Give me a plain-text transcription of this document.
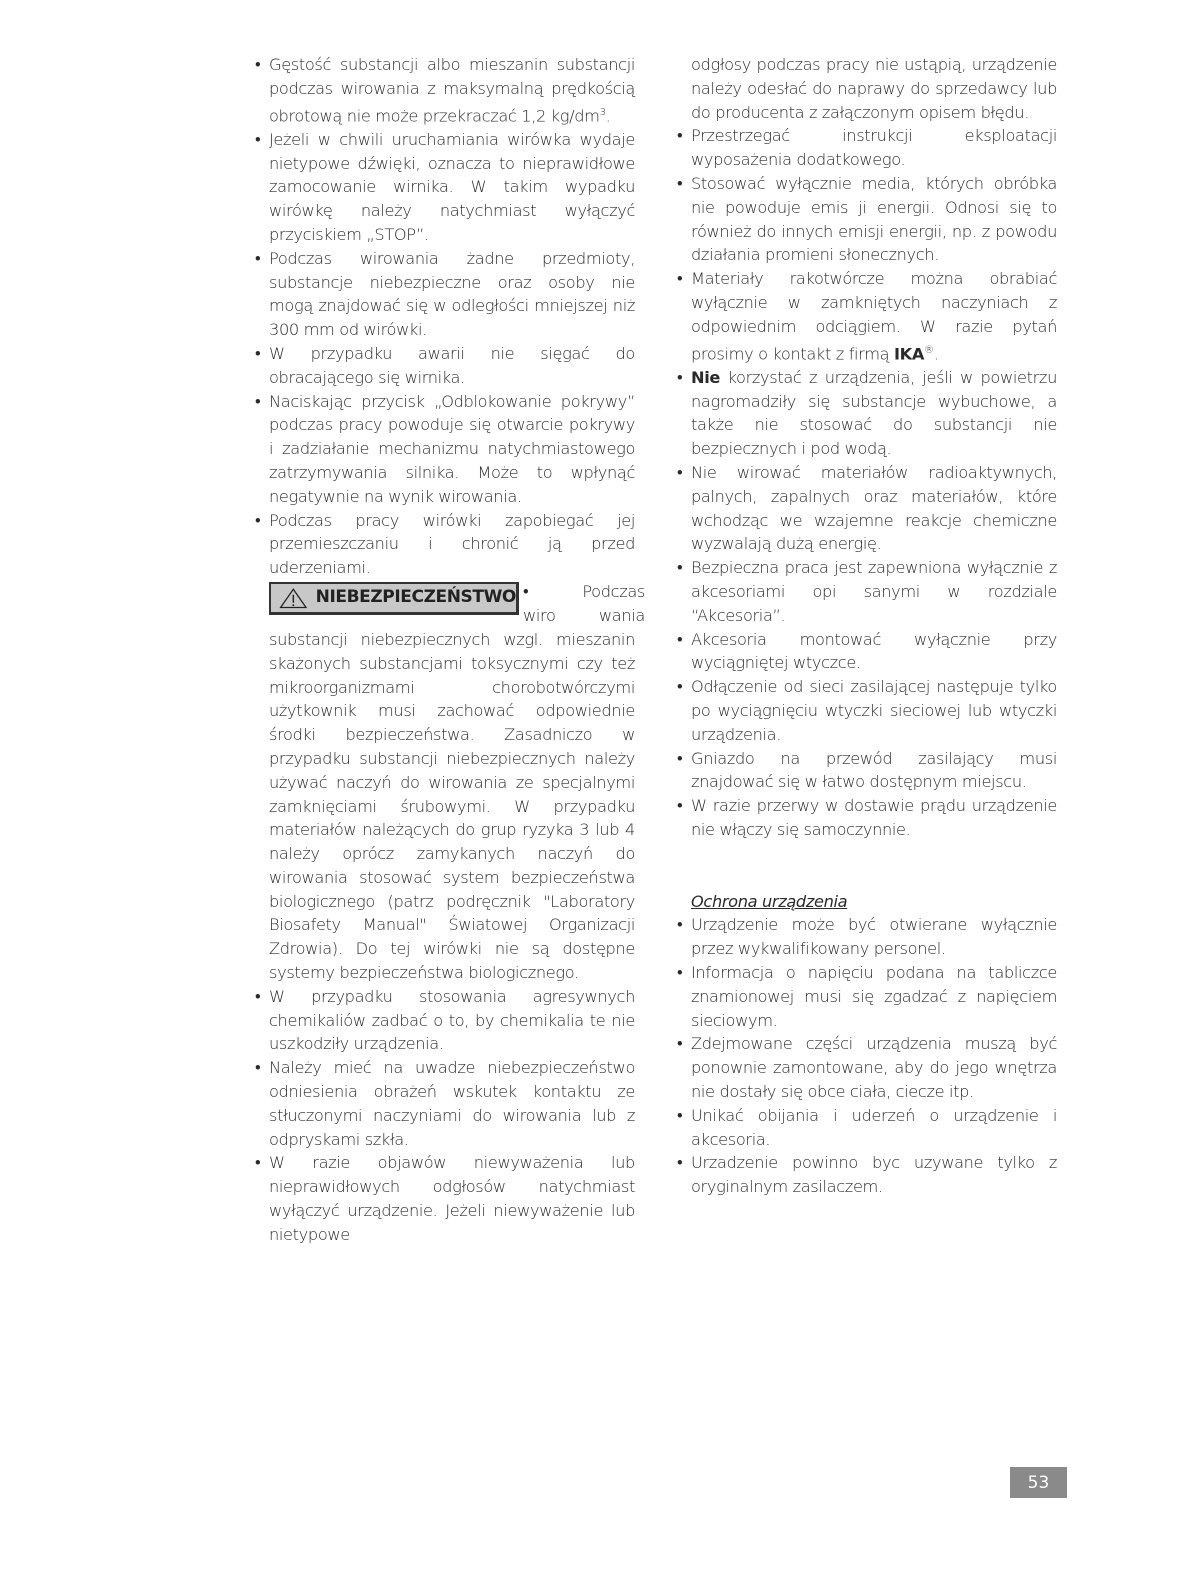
• Gęstość substancji albo mieszanin substancji podczas wirowania z maksymalną prędkością obrotową nie może przekraczać 1,2 $kg/dm^3$.

• Jeżeli w chwili uruchamiania wirówka wydaje nietypowe dźwięki, oznacza to nieprawidłowe zamocowanie wirnika. W takim wypadku wirówkę należy natychmiast wyłączyć przyciskiem „STOP”.

• Podczas wirowania żadne przedmioty, substancje niebezpieczne oraz osoby nie mogą znajdować się w odległości mniejszej niż 300 mm od wirówki.

• W przypadku awarii nie sięgać do obracającego się wirnika.

• Naciskając przycisk „Odblokowanie pokrywy” podczas pracy powoduje się otwarcie pokrywy i zadziałanie mechanizmu natychmiastowego zatrzymywania silnika. Może to wpłynąć negatywnie na wynik wirowania.

• Podczas pracy wirówki zapobiegać jej przemieszczaniu i chronić ją przed uderzeniami.

NIEBEZPIECZEŃSTWO •	Podczas
wiro	wania

substancji niebezpiecznych wzgl. mieszanin skażonych substancjami toksycznymi czy też mikroorganizmami chorobotwórczymi użytkownik musi zachować odpowiednie środki bezpieczeństwa. Zasadniczo w przypadku substancji niebezpiecznych należy używać naczyń do wirowania ze specjalnymi zamknięciami śrubowymi. W przypadku materiałów należących do grup ryzyka 3 lub 4 należy oprócz zamykanych naczyń do wirowania stosować system bezpieczeństwa biologicznego (patrz podręcznik "Laboratory Biosafety Manual" Światowej Organizacji Zdrowia). Do tej wirówki nie są dostępne systemy bezpieczeństwa biologicznego.

• W przypadku stosowania agresywnych chemikaliów zadbać o to, by chemikalia te nie uszkodziły urządzenia.

• Należy mieć na uwadze niebezpieczeństwo odniesienia obrażeń wskutek kontaktu ze stłuczonymi naczyniami do wirowania lub z odpryskami szkła.

• W razie objawów niewyważenia lub nieprawidłowych odgłosów natychmiast wyłączyć urządzenie. Jeżeli niewyważenie lub nietypowe

odgłosy podczas pracy nie ustąpią, urządzenie należy odesłać do naprawy do sprzedawcy lub do producenta z załączonym opisem błędu.

• Przestrzegać instrukcji eksploatacji wyposażenia dodatkowego.

• Stosować wyłącznie media, których obróbka nie powoduje emis ji energii. Odnosi się to również do innych emisji energii, np. z powodu działania promieni słonecznych.

• Materiały rakotwórcze można obrabiać wyłącznie w zamkniętych naczyniach z odpowiednim odciągiem. W razie pytań prosimy o kontakt z firmą IKA®.

• Nie korzystać z urządzenia, jeśli w powietrzu nagromadziły się substancje wybuchowe, a także nie stosować do substancji nie bezpiecznych i pod wodą.

• Nie wirować materiałów radioaktywnych, palnych, zapalnych oraz materiałów, które wchodząc we wzajemne reakcje chemiczne wyzwalają dużą energię.

• Bezpieczna praca jest zapewniona wyłącznie z akcesoriami opi sanymi w rozdziale “Akcesoria”.

• Akcesoria montować wyłącznie przy wyciągniętej wtyczce.

• Odłączenie od sieci zasilającej następuje tylko po wyciągnięciu wtyczki sieciowej lub wtyczki urządzenia.

• Gniazdo na przewód zasilający musi znajdować się w łatwo dostępnym miejscu.

• W razie przerwy w dostawie prądu urządzenie nie włączy się samoczynnie.

Ochrona urządzenia

• Urządzenie może być otwierane wyłącznie przez wykwalifikowany personel.

• Informacja o napięciu podana na tabliczce znamionowej musi się zgadzać z napięciem sieciowym.

• Zdejmowane części urządzenia muszą być ponownie zamontowane, aby do jego wnętrza nie dostały się obce ciała, ciecze itp.

• Unikać obijania i uderzeń o urządzenie i akcesoria.

• Urzadzenie powinno byc uzywane tylko z oryginalnym zasilaczem.

53
